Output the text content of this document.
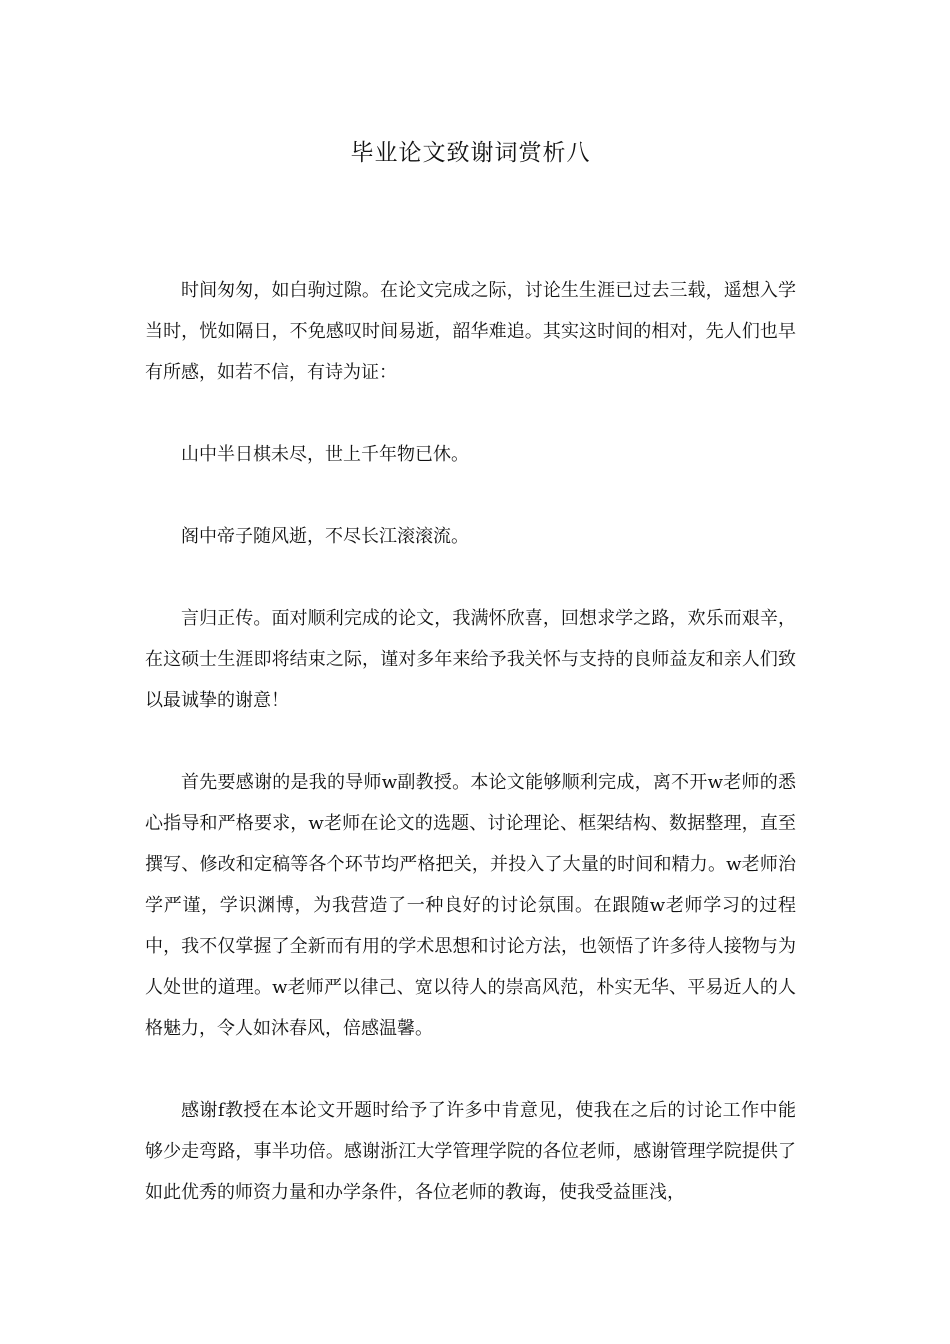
毕业论文致谢词赏析八

时间匆匆，如白驹过隙。在论文完成之际，讨论生生涯已过去三载，遥想入学当时，恍如隔日，不免感叹时间易逝，韶华难追。其实这时间的相对，先人们也早有所感，如若不信，有诗为证：

山中半日棋未尽，世上千年物已休。

阁中帝子随风逝，不尽长江滚滚流。

言归正传。面对顺利完成的论文，我满怀欣喜，回想求学之路，欢乐而艰辛，在这硕士生涯即将结束之际，谨对多年来给予我关怀与支持的良师益友和亲人们致以最诚挚的谢意！

首先要感谢的是我的导师w副教授。本论文能够顺利完成，离不开w老师的悉心指导和严格要求，w老师在论文的选题、讨论理论、框架结构、数据整理，直至撰写、修改和定稿等各个环节均严格把关，并投入了大量的时间和精力。w老师治学严谨，学识渊博，为我营造了一种良好的讨论氛围。在跟随w老师学习的过程中，我不仅掌握了全新而有用的学术思想和讨论方法，也领悟了许多待人接物与为人处世的道理。w老师严以律己、宽以待人的崇高风范，朴实无华、平易近人的人格魅力，令人如沐春风，倍感温馨。

感谢f教授在本论文开题时给予了许多中肯意见，使我在之后的讨论工作中能够少走弯路，事半功倍。感谢浙江大学管理学院的各位老师，感谢管理学院提供了如此优秀的师资力量和办学条件，各位老师的教诲，使我受益匪浅，
